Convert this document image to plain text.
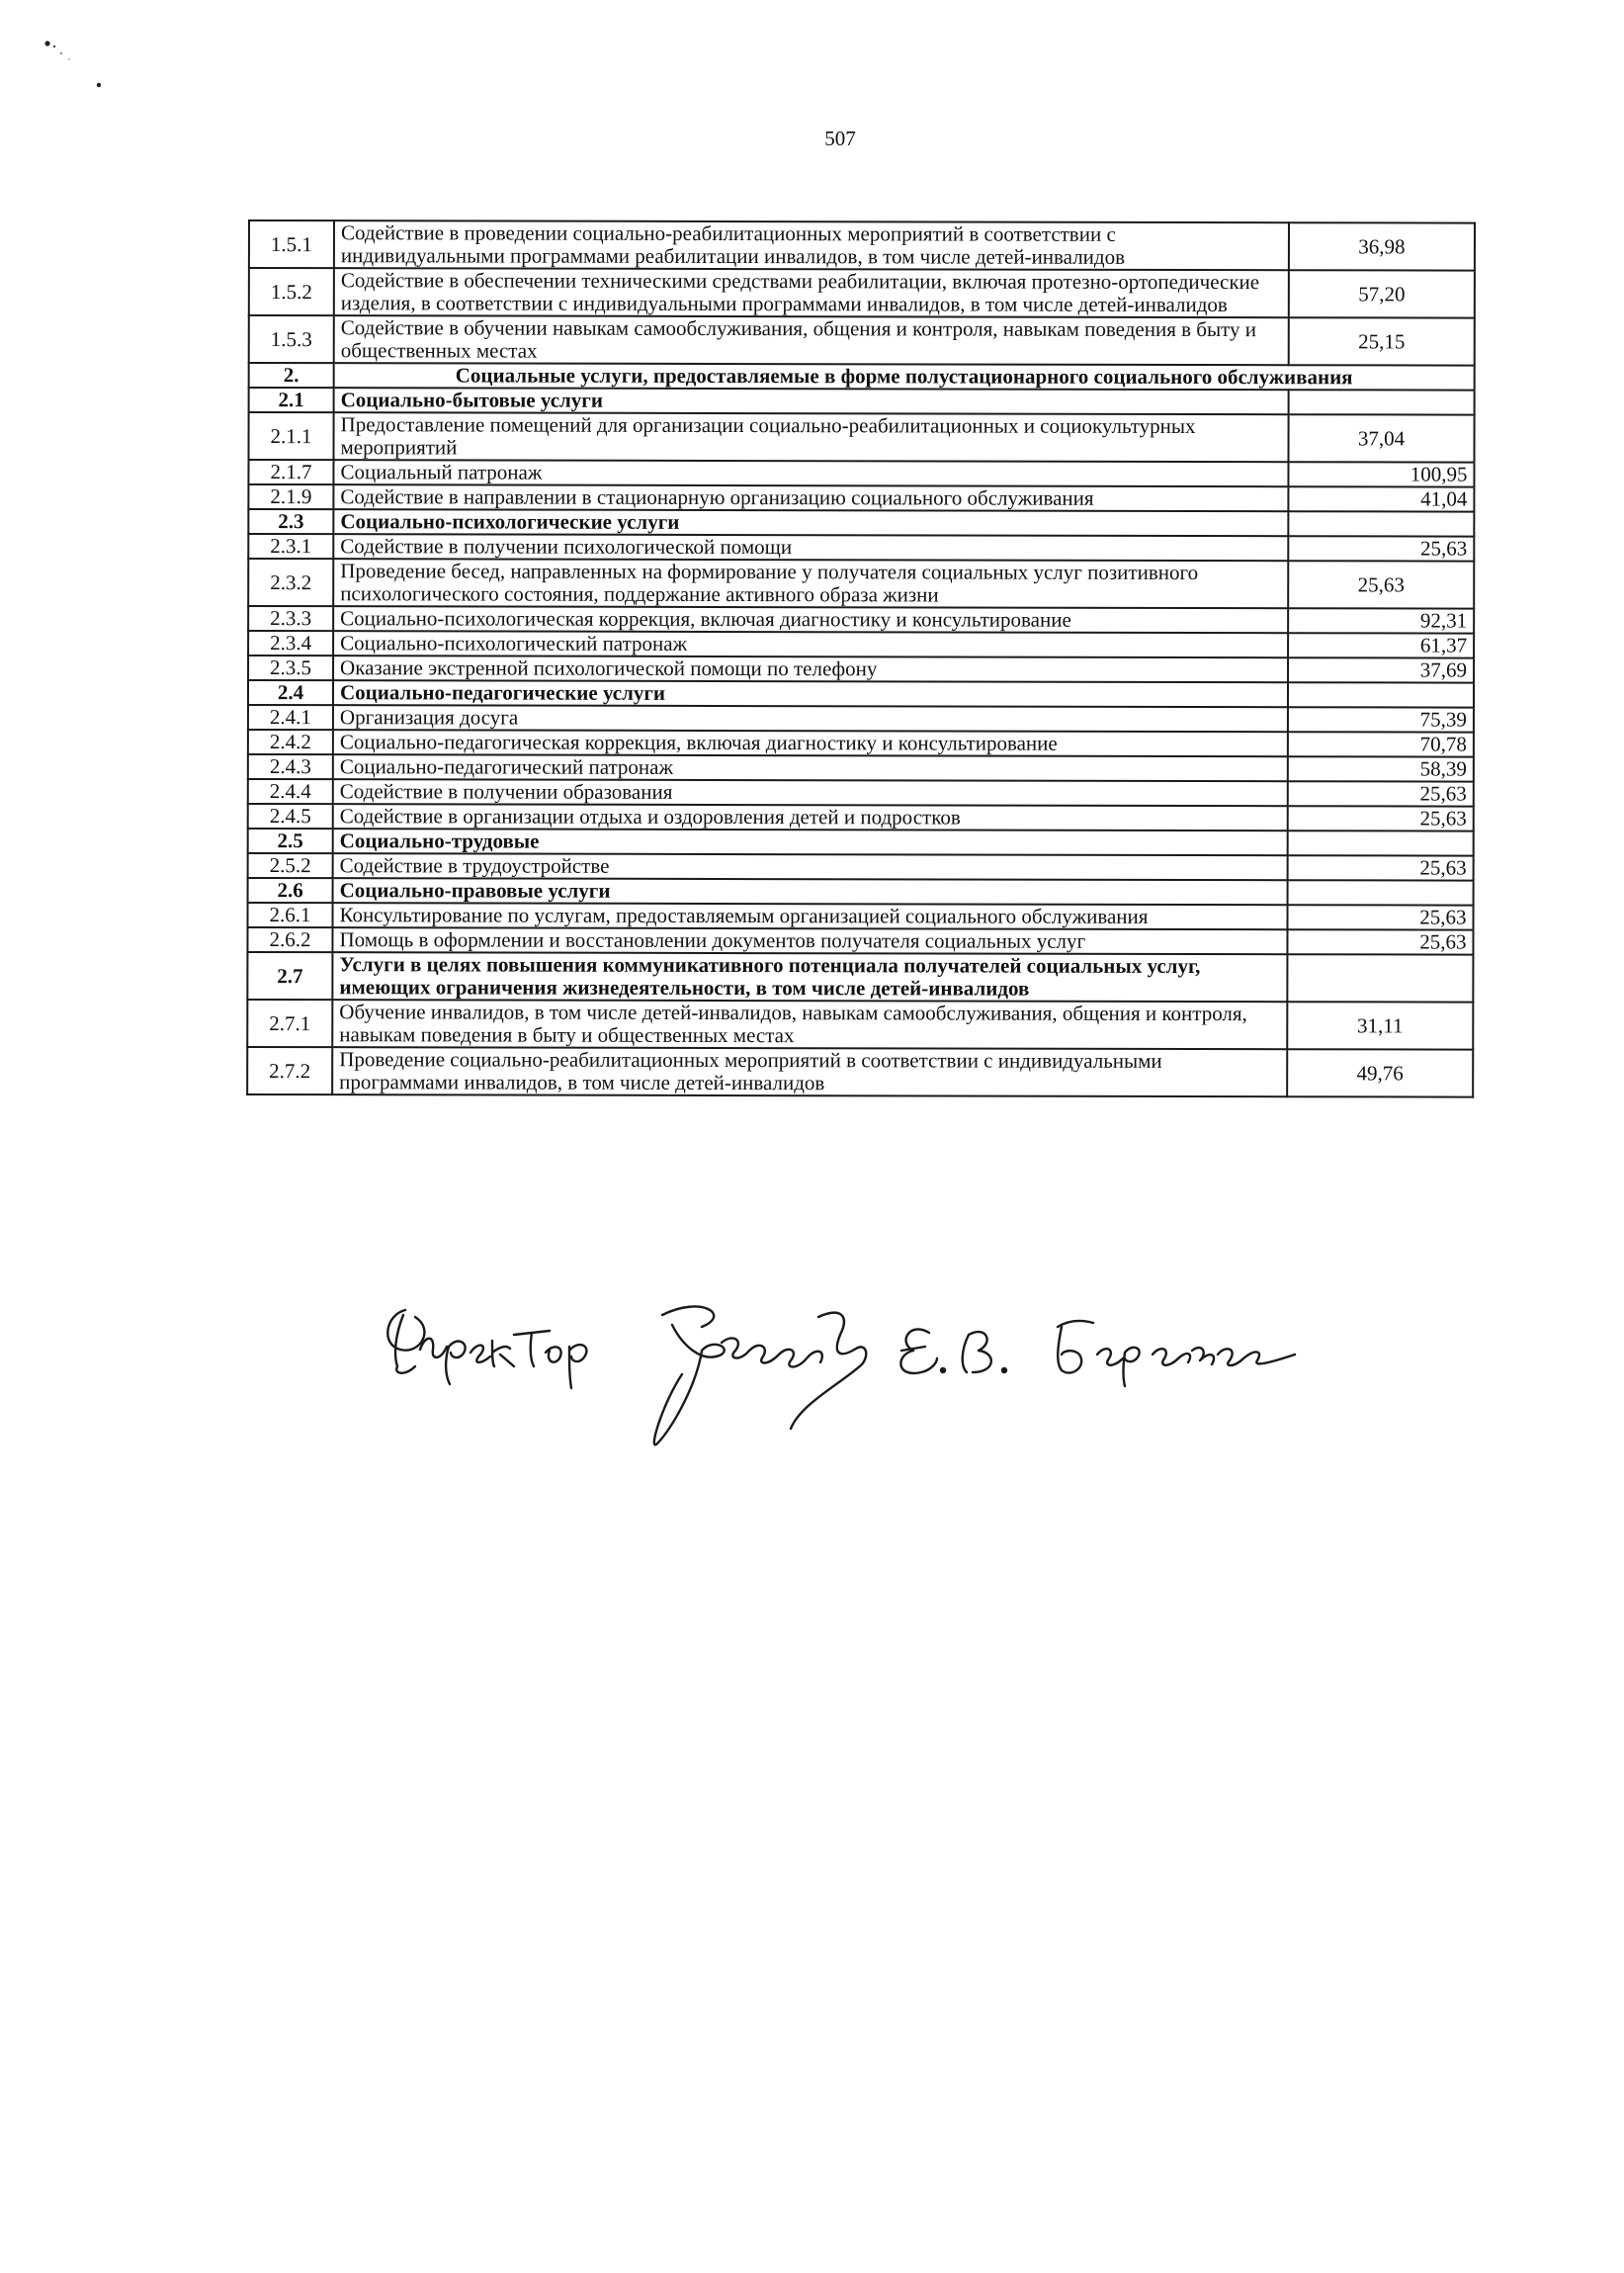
507
1.5.1	Содействие в проведении социально-реабилитационных мероприятий в соответствии с индивидуальными программами реабилитации инвалидов, в том числе детей-инвалидов	36,98
1.5.2	Содействие в обеспечении техническими средствами реабилитации, включая протезно-ортопедические изделия, в соответствии с индивидуальными программами инвалидов, в том числе детей-инвалидов	57,20
1.5.3	Содействие в обучении навыкам самообслуживания, общения и контроля, навыкам поведения в быту и общественных местах	25,15
2.	Социальные услуги, предоставляемые в форме полустационарного социального обслуживания	
2.1	Социально-бытовые услуги	
2.1.1	Предоставление помещений для организации социально-реабилитационных и социокультурных мероприятий	37,04
2.1.7	Социальный патронаж	100,95
2.1.9	Содействие в направлении в стационарную организацию социального обслуживания	41,04
2.3	Социально-психологические услуги	
2.3.1	Содействие в получении психологической помощи	25,63
2.3.2	Проведение бесед, направленных на формирование у получателя социальных услуг позитивного психологического состояния, поддержание активного образа жизни	25,63
2.3.3	Социально-психологическая коррекция, включая диагностику и консультирование	92,31
2.3.4	Социально-психологический патронаж	61,37
2.3.5	Оказание экстренной психологической помощи по телефону	37,69
2.4	Социально-педагогические услуги	
2.4.1	Организация досуга	75,39
2.4.2	Социально-педагогическая коррекция, включая диагностику и консультирование	70,78
2.4.3	Социально-педагогический патронаж	58,39
2.4.4	Содействие в получении образования	25,63
2.4.5	Содействие в организации отдыха и оздоровления детей и подростков	25,63
2.5	Социально-трудовые	
2.5.2	Содействие в трудоустройстве	25,63
2.6	Социально-правовые услуги	
2.6.1	Консультирование по услугам, предоставляемым организацией социального обслуживания	25,63
2.6.2	Помощь в оформлении и восстановлении документов получателя социальных услуг	25,63
2.7	Услуги в целях повышения коммуникативного потенциала получателей социальных услуг, имеющих ограничения жизнедеятельности, в том числе детей-инвалидов	
2.7.1	Обучение инвалидов, в том числе детей-инвалидов, навыкам самообслуживания, общения и контроля, навыкам поведения в быту и общественных местах	31,11
2.7.2	Проведение социально-реабилитационных мероприятий в соответствии с индивидуальными программами инвалидов, в том числе детей-инвалидов	49,76
